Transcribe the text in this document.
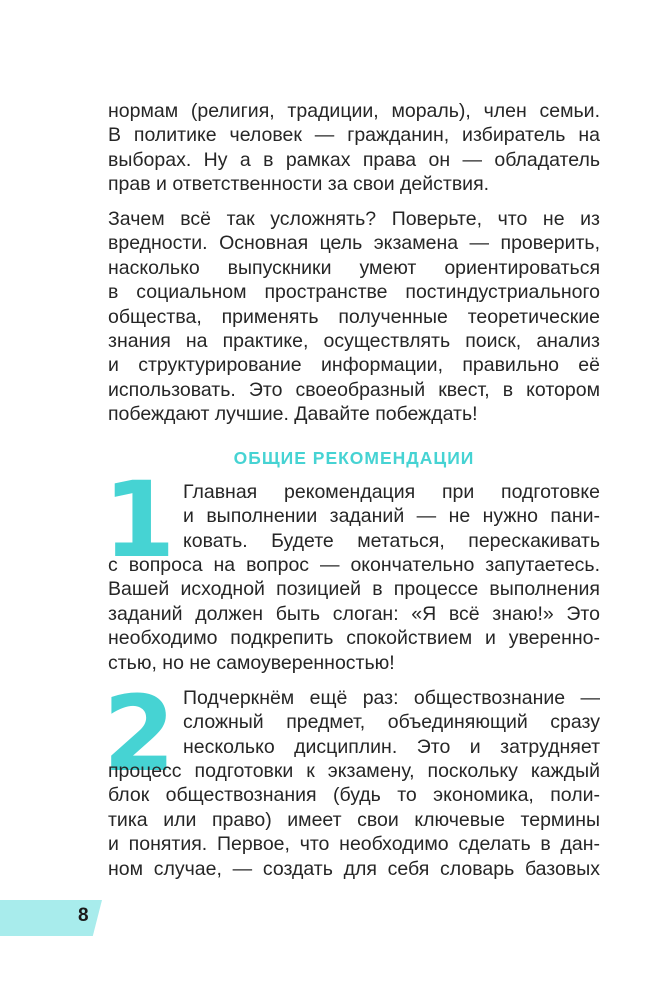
нормам (религия, традиции, мораль), член семьи.
В политике человек — гражданин, избиратель на
выборах. Ну а в рамках права он — обладатель
прав и ответственности за свои действия.
Зачем всё так усложнять? Поверьте, что не из
вредности. Основная цель экзамена — проверить,
насколько выпускники умеют ориентироваться
в социальном пространстве постиндустриального
общества, применять полученные теоретические
знания на практике, осуществлять поиск, анализ
и структурирование информации, правильно её
использовать. Это своеобразный квест, в котором
побеждают лучшие. Давайте побеждать!
ОБЩИЕ РЕКОМЕНДАЦИИ
1 Главная рекомендация при подготовке
и выполнении заданий — не нужно пани-
ковать. Будете метаться, перескакивать
с вопроса на вопрос — окончательно запутаетесь.
Вашей исходной позицией в процессе выполнения
заданий должен быть слоган: «Я всё знаю!» Это
необходимо подкрепить спокойствием и уверенно-
стью, но не самоуверенностью!
2 Подчеркнём ещё раз: обществознание —
сложный предмет, объединяющий сразу
несколько дисциплин. Это и затрудняет
процесс подготовки к экзамену, поскольку каждый
блок обществознания (будь то экономика, поли-
тика или право) имеет свои ключевые термины
и понятия. Первое, что необходимо сделать в дан-
ном случае, — создать для себя словарь базовых
8
